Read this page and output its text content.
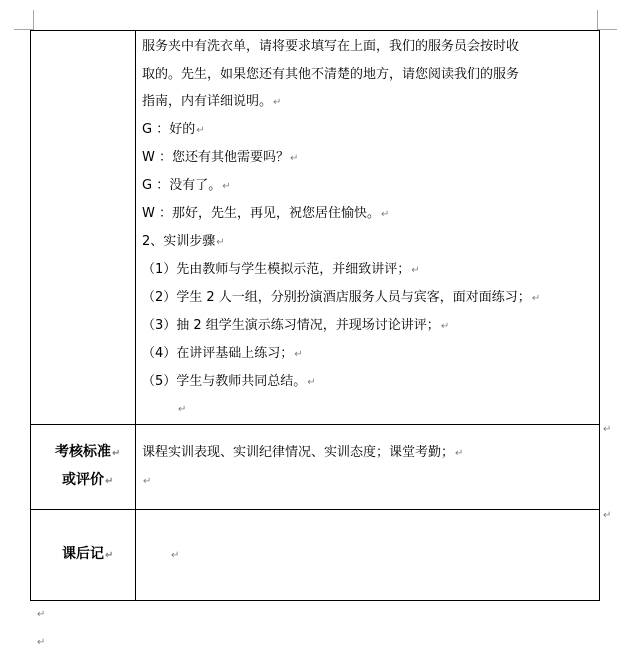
服务夹中有洗衣单，请将要求填写在上面，我们的服务员会按时收
取的。先生，如果您还有其他不清楚的地方，请您阅读我们的服务
指南，内有详细说明。↵
G ：好的↵
W ：您还有其他需要吗？↵
G ：没有了。↵
W ：那好，先生，再见，祝您居住愉快。↵
2、实训步骤↵
（1）先由教师与学生模拟示范，并细致讲评；↵
（2）学生 2 人一组，分别扮演酒店服务人员与宾客，面对面练习；↵
（3）抽 2 组学生演示练习情况，并现场讨论讲评；↵
（4）在讲评基础上练习；↵
（5）学生与教师共同总结。↵
↵
考核标准↵
或评价↵
课程实训表现、实训纪律情况、实训态度；课堂考勤；↵
↵
课后记↵	↵
↵
↵
↵
↵
